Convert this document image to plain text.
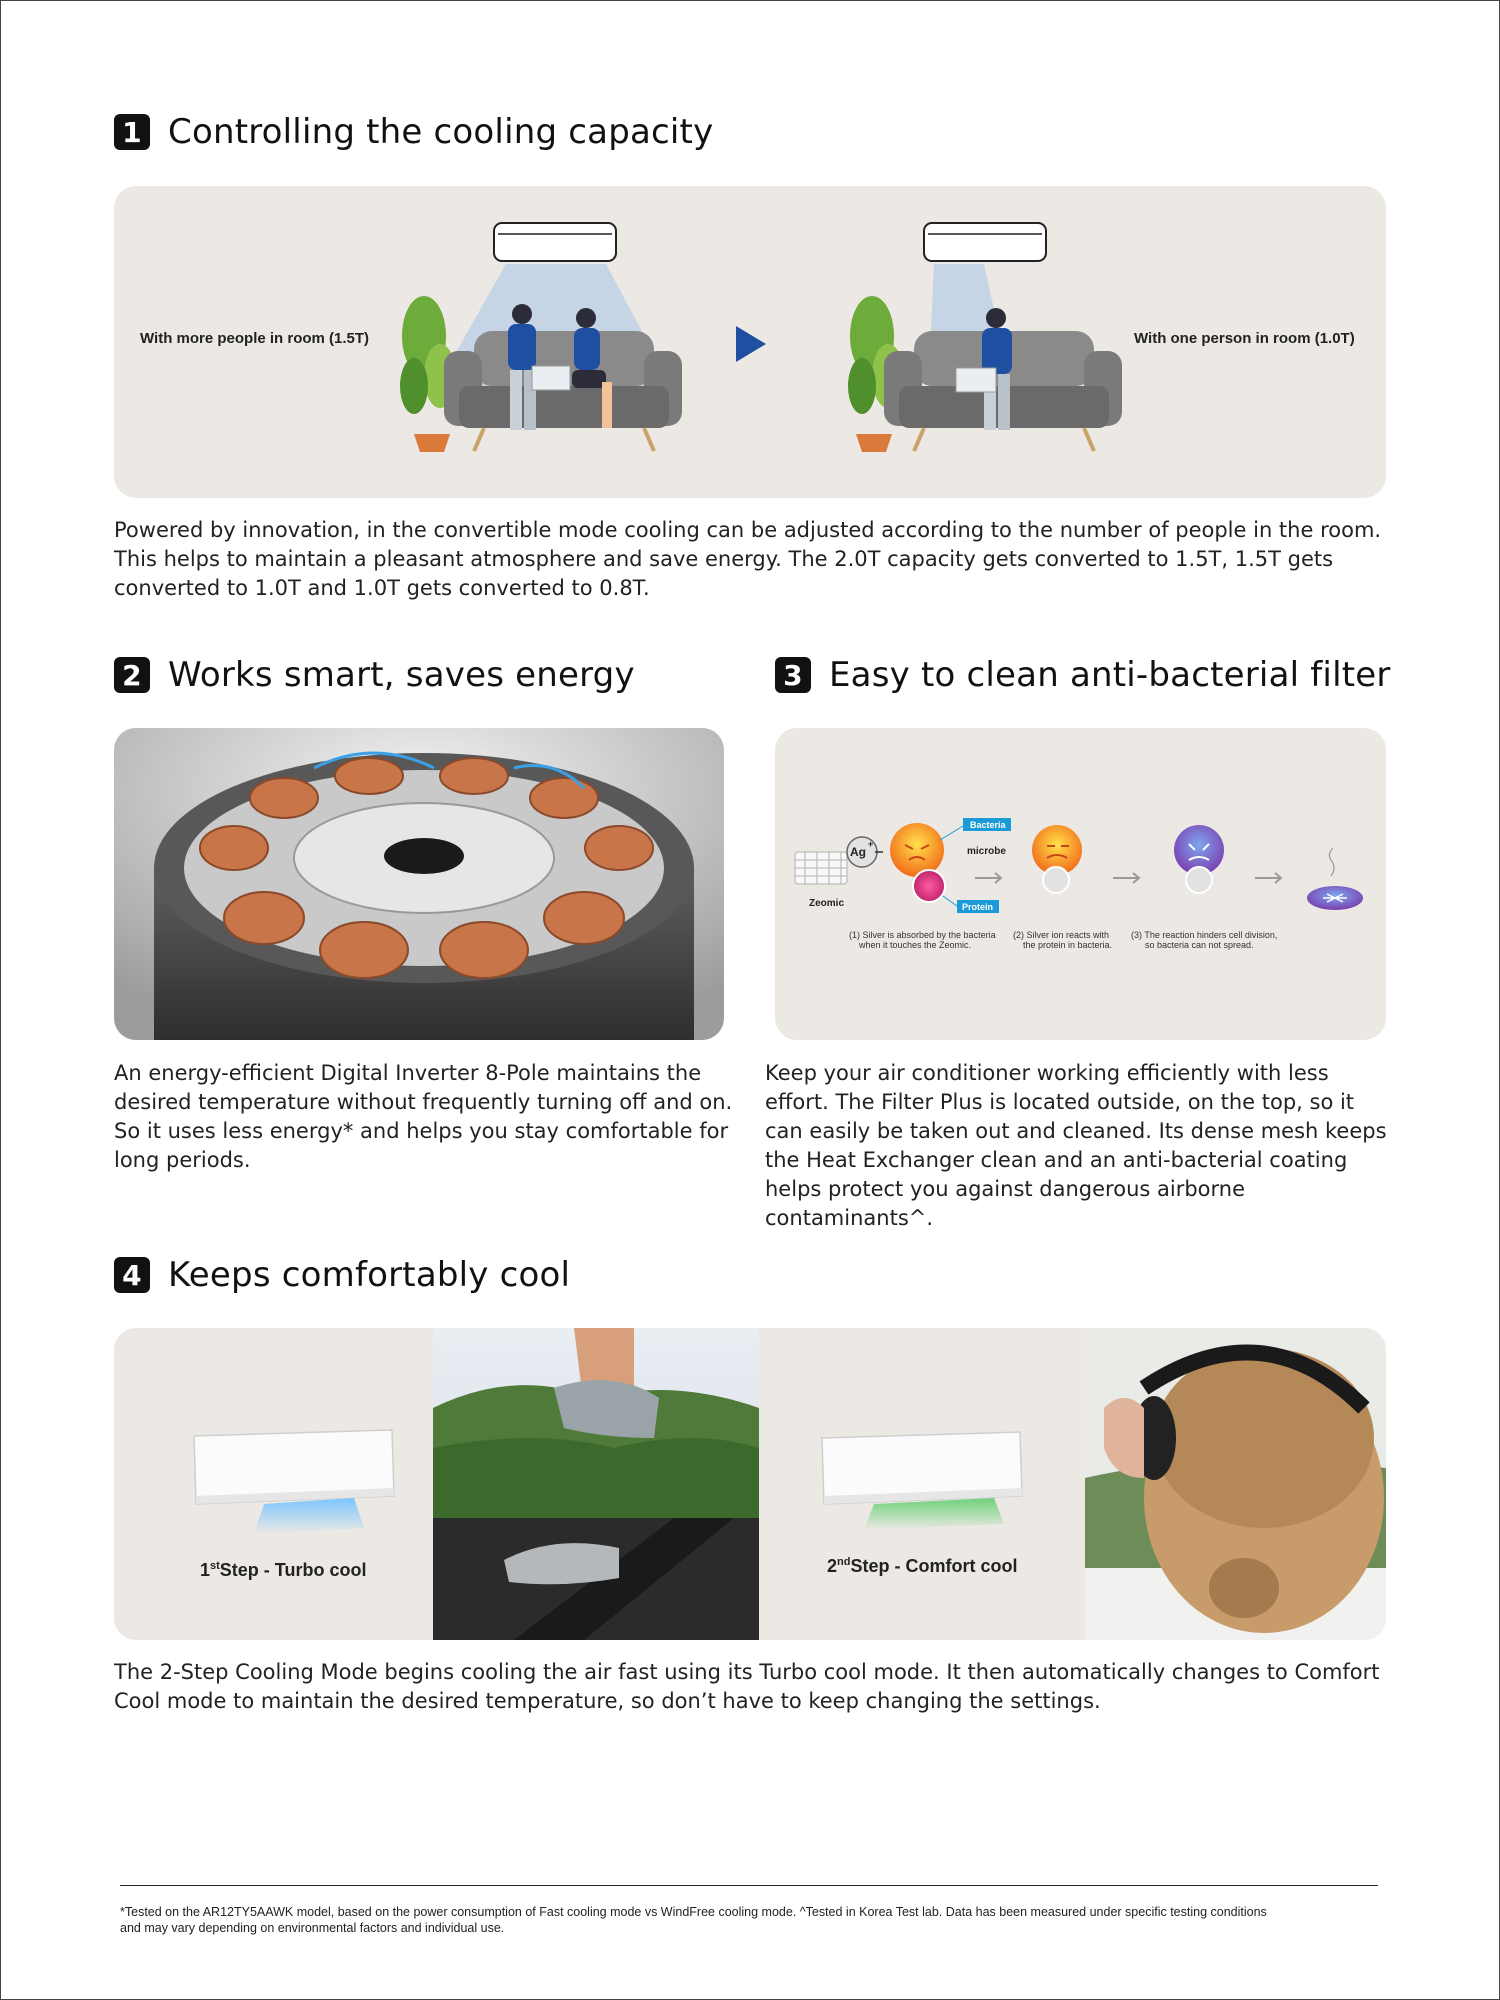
1 Controlling the cooling capacity
With more people in room (1.5T)	With one person in room (1.0T)
Powered by innovation, in the convertible mode cooling can be adjusted according to the number of people in the room. This helps to maintain a pleasant atmosphere and save energy. The 2.0T capacity gets converted to 1.5T, 1.5T gets converted to 1.0T and 1.0T gets converted to 0.8T.
2 Works smart, saves energy
An energy-efficient Digital Inverter 8-Pole maintains the desired temperature without frequently turning off and on. So it uses less energy* and helps you stay comfortable for long periods.
3 Easy to clean anti-bacterial filter
Zeomic
Ag
+
Bacteria
microbe
Protein
(1) Silver is absorbed by the bacteria
when it touches the Zeomic.
(2) Silver ion reacts with
the protein in bacteria.
(3) The reaction hinders cell division,
so bacteria can not spread.
Keep your air conditioner working efficiently with less effort. The Filter Plus is located outside, on the top, so it can easily be taken out and cleaned. Its dense mesh keeps the Heat Exchanger clean and an anti-bacterial coating helps protect you against dangerous airborne contaminants^.
4 Keeps comfortably cool
1stStep - Turbo cool	2ndStep - Comfort cool
The 2-Step Cooling Mode begins cooling the air fast using its Turbo cool mode. It then automatically changes to Comfort Cool mode to maintain the desired temperature, so don’t have to keep changing the settings.
*Tested on the AR12TY5AAWK model, based on the power consumption of Fast cooling mode vs WindFree cooling mode. ^Tested in Korea Test lab. Data has been measured under specific testing conditions and may vary depending on environmental factors and individual use.
